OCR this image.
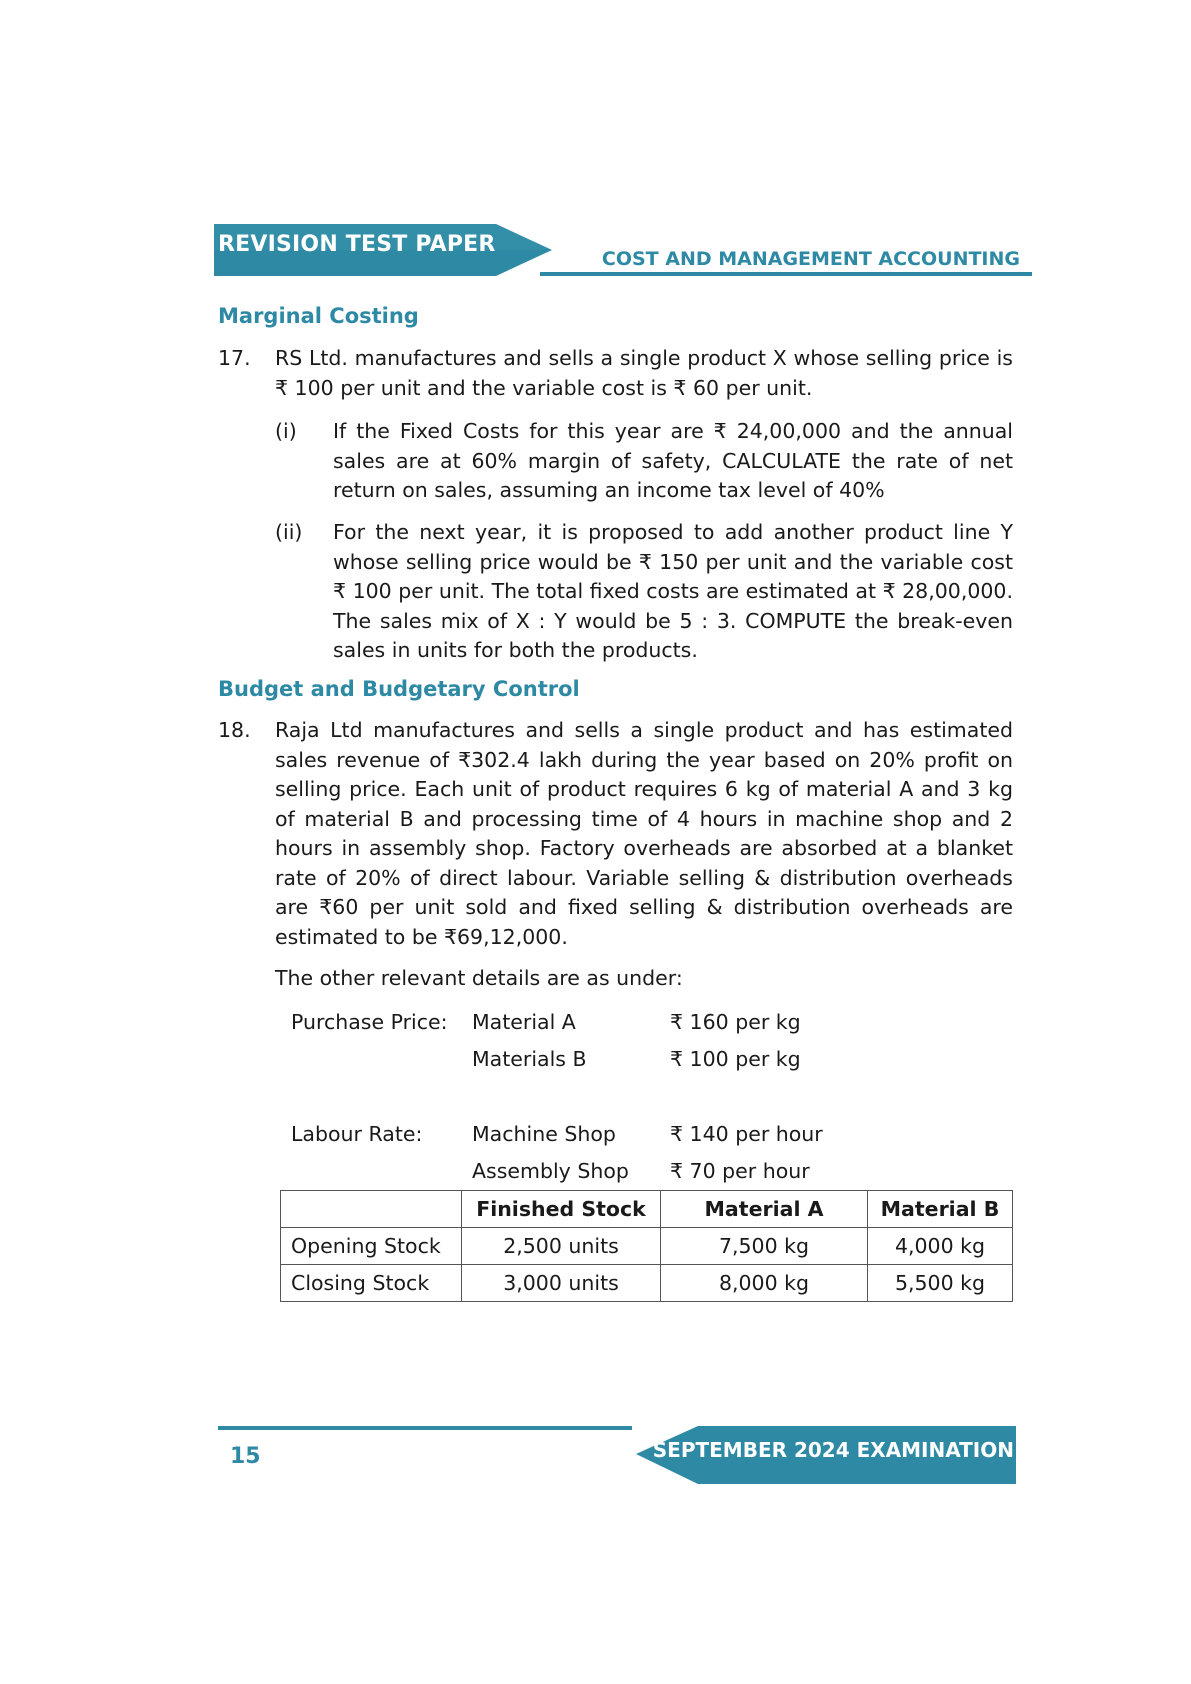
REVISION TEST PAPER
COST AND MANAGEMENT ACCOUNTING
Marginal Costing
17. RS Ltd. manufactures and sells a single product X whose selling price is ₹ 100 per unit and the variable cost is ₹ 60 per unit.
(i) If the Fixed Costs for this year are ₹ 24,00,000 and the annual sales are at 60% margin of safety, CALCULATE the rate of net return on sales, assuming an income tax level of 40%
(ii) For the next year, it is proposed to add another product line Y whose selling price would be ₹ 150 per unit and the variable cost ₹ 100 per unit. The total fixed costs are estimated at ₹ 28,00,000. The sales mix of X : Y would be 5 : 3. COMPUTE the break-even sales in units for both the products.
Budget and Budgetary Control
18. Raja Ltd manufactures and sells a single product and has estimated sales revenue of ₹302.4 lakh during the year based on 20% profit on selling price. Each unit of product requires 6 kg of material A and 3 kg of material B and processing time of 4 hours in machine shop and 2 hours in assembly shop. Factory overheads are absorbed at a blanket rate of 20% of direct labour. Variable selling & distribution overheads are ₹60 per unit sold and fixed selling & distribution overheads are estimated to be ₹69,12,000.
The other relevant details are as under:
Purchase Price: Material A	₹ 160 per kg
Materials B	₹ 100 per kg
Labour Rate: Machine Shop	₹ 140 per hour
Assembly Shop ₹ 70 per hour
	Finished Stock	Material A	Material B
Opening Stock	2,500 units	7,500 kg	4,000 kg
Closing Stock	3,000 units	8,000 kg	5,500 kg
15	SEPTEMBER 2024 EXAMINATION
